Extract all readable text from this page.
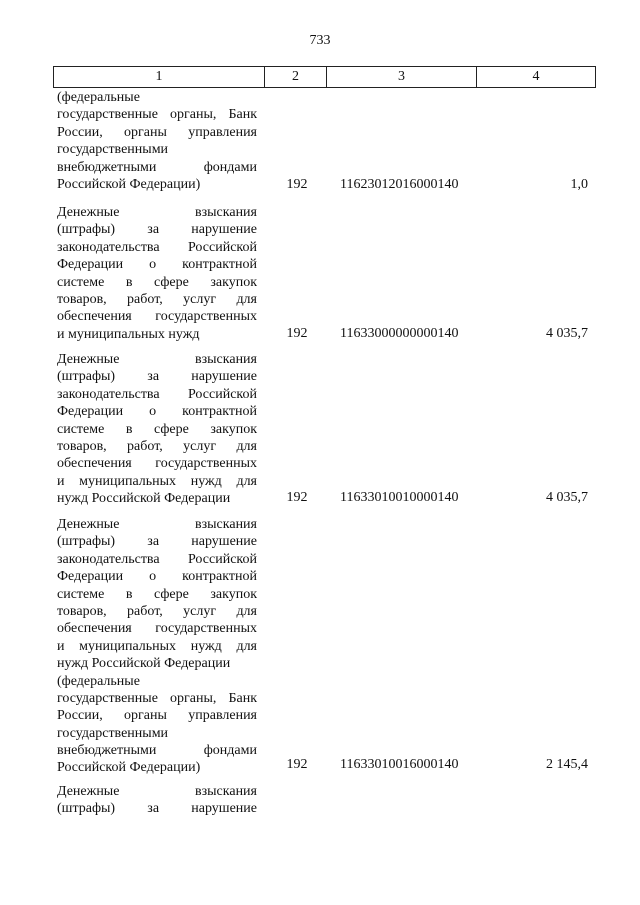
733
1	2	3	4
(федеральные
государственные органы, Банк
России, органы управления
государственными
внебюджетными фондами
Российской Федерации)	192	11623012016000140	1,0
Денежные взыскания
(штрафы) за нарушение
законодательства Российской
Федерации о контрактной
системе в сфере закупок
товаров, работ, услуг для
обеспечения государственных
и муниципальных нужд	192	11633000000000140	4 035,7
Денежные взыскания
(штрафы) за нарушение
законодательства Российской
Федерации о контрактной
системе в сфере закупок
товаров, работ, услуг для
обеспечения государственных
и муниципальных нужд для
нужд Российской Федерации	192	11633010010000140	4 035,7
Денежные взыскания
(штрафы) за нарушение
законодательства Российской
Федерации о контрактной
системе в сфере закупок
товаров, работ, услуг для
обеспечения государственных
и муниципальных нужд для
нужд Российской Федерации
(федеральные
государственные органы, Банк
России, органы управления
государственными
внебюджетными фондами
Российской Федерации)	192	11633010016000140	2 145,4
Денежные взыскания
(штрафы) за нарушение
